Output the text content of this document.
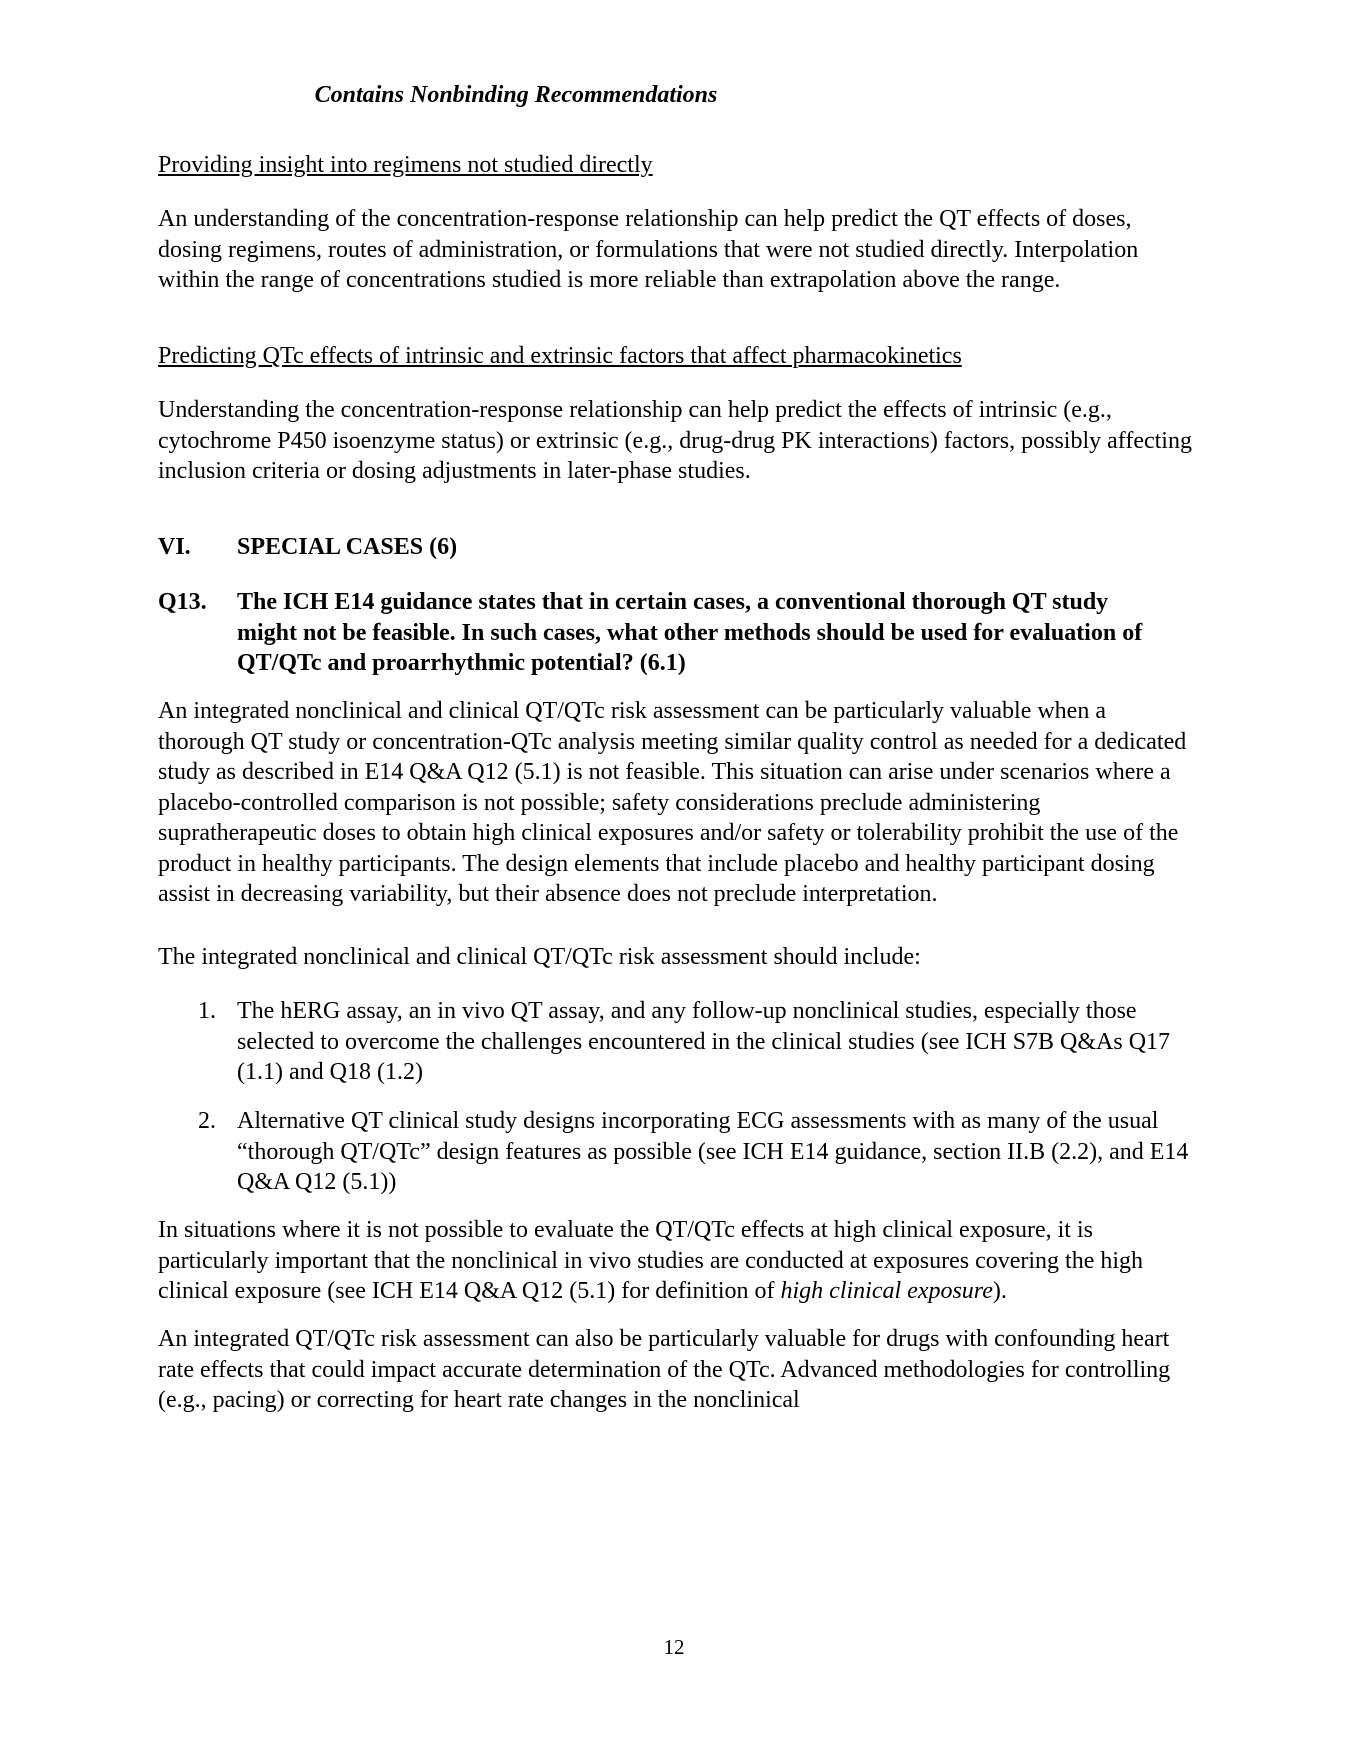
Contains Nonbinding Recommendations
Providing insight into regimens not studied directly
An understanding of the concentration-response relationship can help predict the QT effects of doses, dosing regimens, routes of administration, or formulations that were not studied directly. Interpolation within the range of concentrations studied is more reliable than extrapolation above the range.
Predicting QTc effects of intrinsic and extrinsic factors that affect pharmacokinetics
Understanding the concentration-response relationship can help predict the effects of intrinsic (e.g., cytochrome P450 isoenzyme status) or extrinsic (e.g., drug-drug PK interactions) factors, possibly affecting inclusion criteria or dosing adjustments in later-phase studies.
VI. SPECIAL CASES (6)
Q13. The ICH E14 guidance states that in certain cases, a conventional thorough QT study might not be feasible. In such cases, what other methods should be used for evaluation of QT/QTc and proarrhythmic potential? (6.1)
An integrated nonclinical and clinical QT/QTc risk assessment can be particularly valuable when a thorough QT study or concentration-QTc analysis meeting similar quality control as needed for a dedicated study as described in E14 Q&A Q12 (5.1) is not feasible. This situation can arise under scenarios where a placebo-controlled comparison is not possible; safety considerations preclude administering supratherapeutic doses to obtain high clinical exposures and/or safety or tolerability prohibit the use of the product in healthy participants. The design elements that include placebo and healthy participant dosing assist in decreasing variability, but their absence does not preclude interpretation.
The integrated nonclinical and clinical QT/QTc risk assessment should include:
1. The hERG assay, an in vivo QT assay, and any follow-up nonclinical studies, especially those selected to overcome the challenges encountered in the clinical studies (see ICH S7B Q&As Q17 (1.1) and Q18 (1.2)
2. Alternative QT clinical study designs incorporating ECG assessments with as many of the usual “thorough QT/QTc” design features as possible (see ICH E14 guidance, section II.B (2.2), and E14 Q&A Q12 (5.1))
In situations where it is not possible to evaluate the QT/QTc effects at high clinical exposure, it is particularly important that the nonclinical in vivo studies are conducted at exposures covering the high clinical exposure (see ICH E14 Q&A Q12 (5.1) for definition of high clinical exposure).
An integrated QT/QTc risk assessment can also be particularly valuable for drugs with confounding heart rate effects that could impact accurate determination of the QTc. Advanced methodologies for controlling (e.g., pacing) or correcting for heart rate changes in the nonclinical
12
